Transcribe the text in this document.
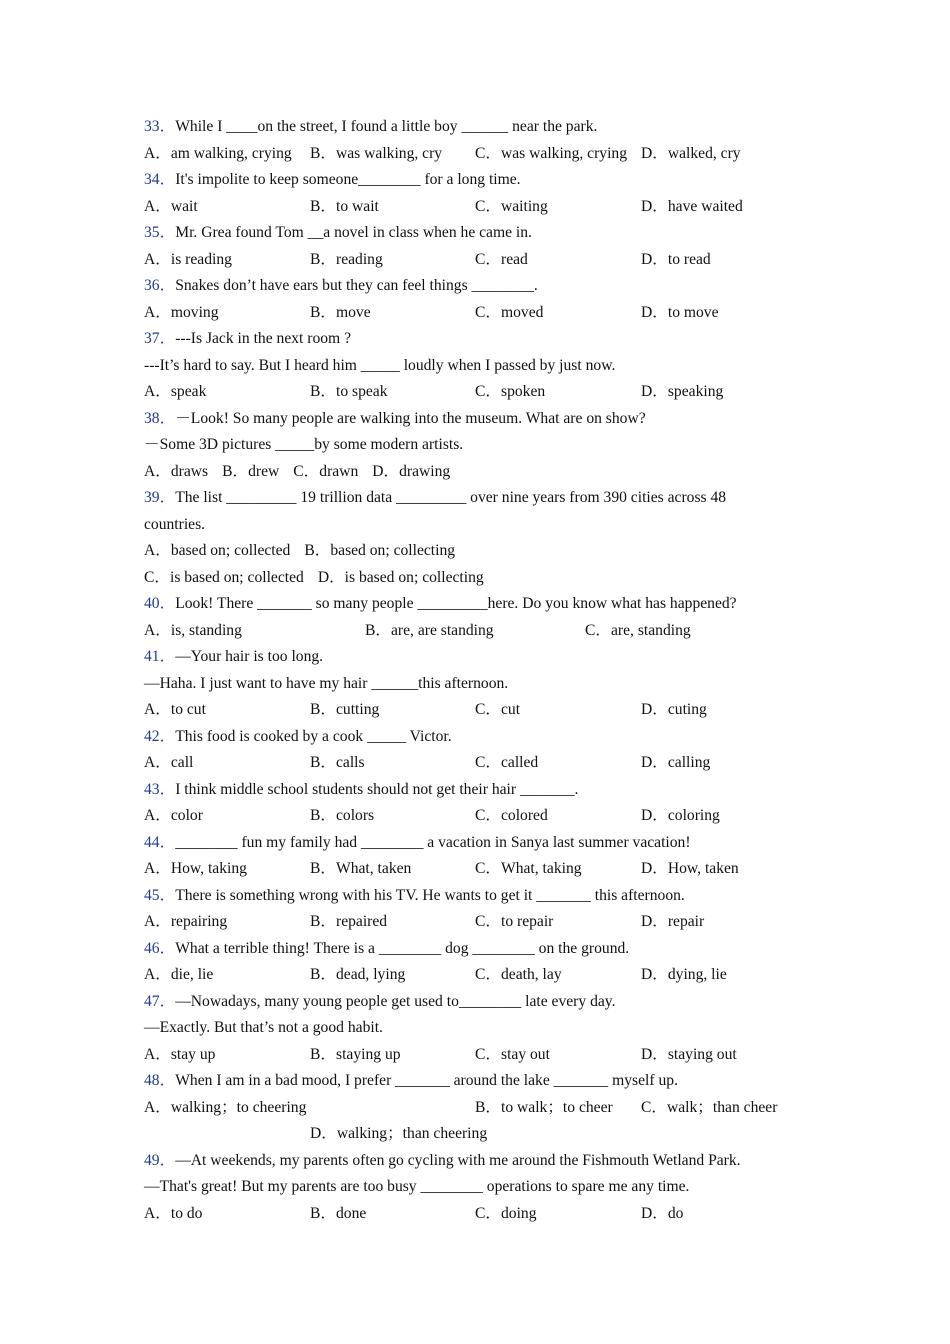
33．While I ____on the street, I found a little boy ______ near the park.
A．am walking, crying B．was walking, cry C．was walking, crying D．walked, cry
34．It's impolite to keep someone________ for a long time.
A．wait	B．to wait	C．waiting	D．have waited
35．Mr. Grea found Tom __a novel in class when he came in.
A．is reading	B．reading	C．read	D．to read
36．Snakes don’t have ears but they can feel things ________.
A．moving	B．move	C．moved	D．to move
37．---Is Jack in the next room ?
---It’s hard to say. But I heard him _____ loudly when I passed by just now.
A．speak	B．to speak	C．spoken	D．speaking
38．－Look! So many people are walking into the museum. What are on show?
－Some 3D pictures _____by some modern artists.
A．draws B．drew C．drawn D．drawing
39．The list _________ 19 trillion data _________ over nine years from 390 cities across 48
countries.
A．based on; collected B．based on; collecting
C．is based on; collected D．is based on; collecting
40．Look! There _______ so many people _________here. Do you know what has happened?
A．is, standing	B．are, are standing	C．are, standing
41．—Your hair is too long.
—Haha. I just want to have my hair ______this afternoon.
A．to cut	B．cutting	C．cut	D．cuting
42．This food is cooked by a cook _____ Victor.
A．call	B．calls	C．called	D．calling
43．I think middle school students should not get their hair _______.
A．color	B．colors	C．colored	D．coloring
44．________ fun my family had ________ a vacation in Sanya last summer vacation!
A．How, taking	B．What, taken	C．What, taking	D．How, taken
45．There is something wrong with his TV. He wants to get it _______ this afternoon.
A．repairing	B．repaired	C．to repair	D．repair
46．What a terrible thing! There is a ________ dog ________ on the ground.
A．die, lie	B．dead, lying	C．death, lay	D．dying, lie
47．—Nowadays, many young people get used to________ late every day.
—Exactly. But that’s not a good habit.
A．stay up	B．staying up	C．stay out	D．staying out
48．When I am in a bad mood, I prefer _______ around the lake _______ myself up.
A．walking；to cheering	B．to walk；to cheer C．walk；than cheer
D．walking；than cheering
49．—At weekends, my parents often go cycling with me around the Fishmouth Wetland Park.
—That's great! But my parents are too busy ________ operations to spare me any time.
A．to do	B．done	C．doing	D．do
